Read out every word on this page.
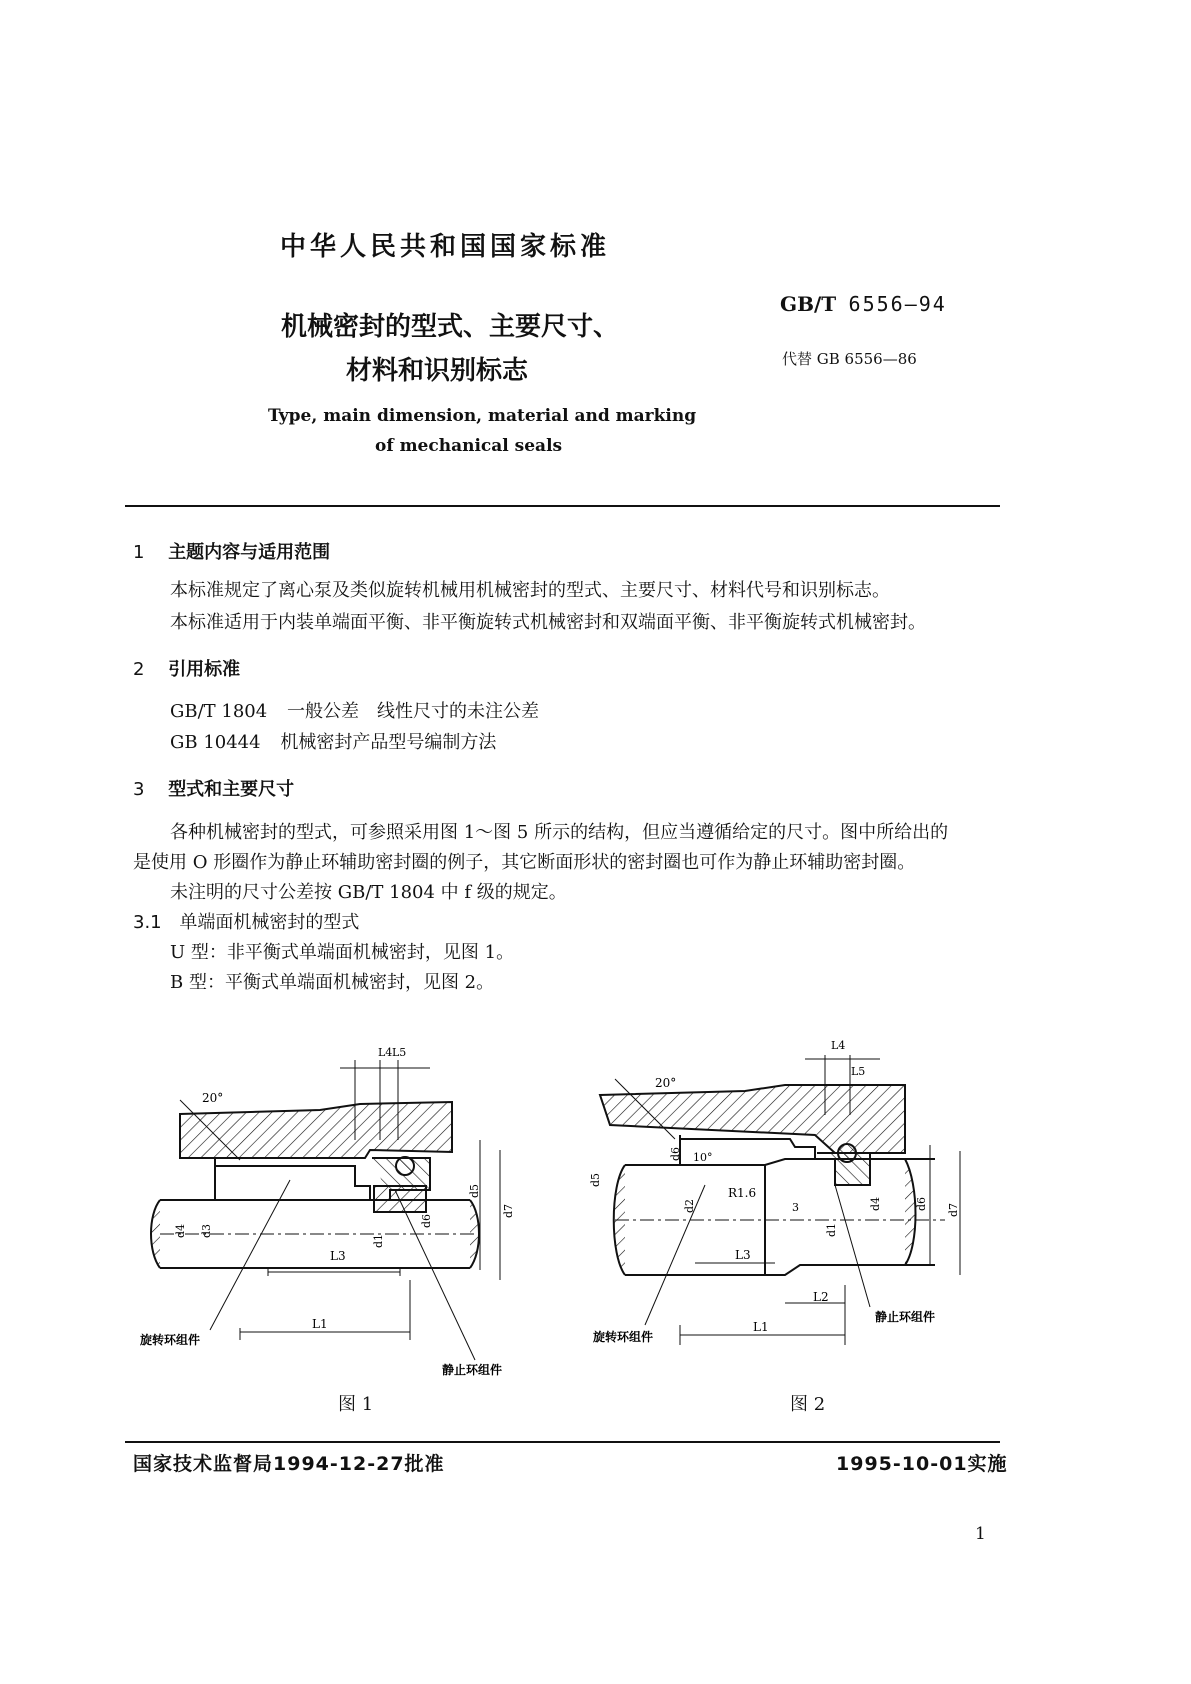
中华人民共和国国家标准
机械密封的型式、主要尺寸、
材料和识别标志
GB/T 6556—94
代替 GB 6556—86
Type, main dimension, material and marking
of mechanical seals
1 主题内容与适用范围
本标准规定了离心泵及类似旋转机械用机械密封的型式、主要尺寸、材料代号和识别标志。
本标准适用于内装单端面平衡、非平衡旋转式机械密封和双端面平衡、非平衡旋转式机械密封。
2 引用标准
GB/T 1804 一般公差　线性尺寸的未注公差
GB 10444 机械密封产品型号编制方法
3 型式和主要尺寸
各种机械密封的型式，可参照采用图 1～图 5 所示的结构，但应当遵循给定的尺寸。图中所给出的
是使用 O 形圈作为静止环辅助密封圈的例子，其它断面形状的密封圈也可作为静止环辅助密封圈。
未注明的尺寸公差按 GB/T 1804 中 f 级的规定。
3.1 单端面机械密封的型式
U 型：非平衡式单端面机械密封，见图 1。
B 型：平衡式单端面机械密封，见图 2。
20°
L4 L5
L3
L1
d4 d3
d1
d6
d5
d7
旋转环组件
静止环组件
图 1
20°
10°
R1.6
3
L4
L5
L3
L2
L1
d5
d6
d2
d1
d4	d6 d7
旋转环组件
静止环组件
图 2
国家技术监督局1994-12-27批准	1995-10-01实施
1
